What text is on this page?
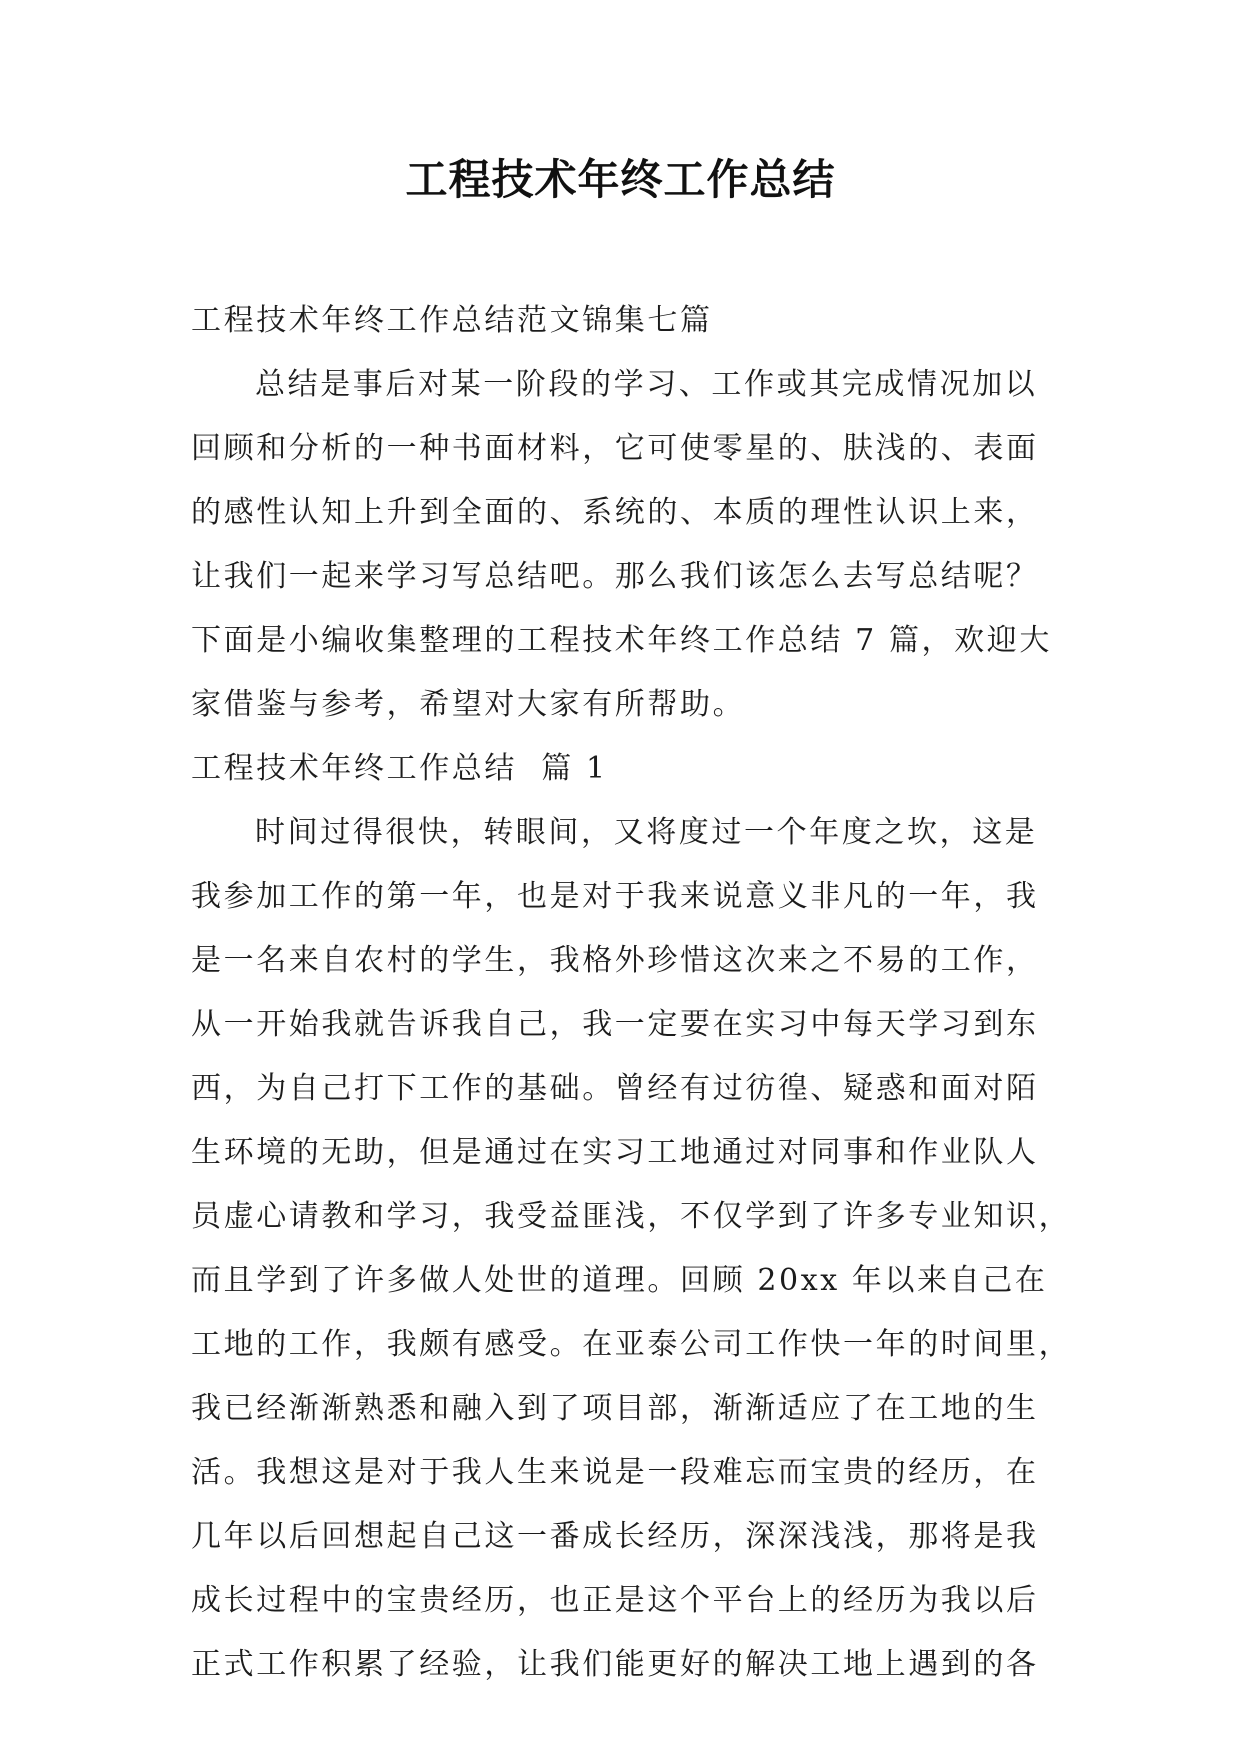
工程技术年终工作总结
工程技术年终工作总结范文锦集七篇
总结是事后对某一阶段的学习、工作或其完成情况加以
回顾和分析的一种书面材料，它可使零星的、肤浅的、表面
的感性认知上升到全面的、系统的、本质的理性认识上来，
让我们一起来学习写总结吧。那么我们该怎么去写总结呢？
下面是小编收集整理的工程技术年终工作总结 7 篇，欢迎大
家借鉴与参考，希望对大家有所帮助。
工程技术年终工作总结  篇 1
时间过得很快，转眼间，又将度过一个年度之坎，这是
我参加工作的第一年，也是对于我来说意义非凡的一年，我
是一名来自农村的学生，我格外珍惜这次来之不易的工作，
从一开始我就告诉我自己，我一定要在实习中每天学习到东
西，为自己打下工作的基础。曾经有过彷徨、疑惑和面对陌
生环境的无助，但是通过在实习工地通过对同事和作业队人
员虚心请教和学习，我受益匪浅，不仅学到了许多专业知识，
而且学到了许多做人处世的道理。回顾 20xx 年以来自己在
工地的工作，我颇有感受。在亚泰公司工作快一年的时间里，
我已经渐渐熟悉和融入到了项目部，渐渐适应了在工地的生
活。我想这是对于我人生来说是一段难忘而宝贵的经历，在
几年以后回想起自己这一番成长经历，深深浅浅，那将是我
成长过程中的宝贵经历，也正是这个平台上的经历为我以后
正式工作积累了经验，让我们能更好的解决工地上遇到的各
